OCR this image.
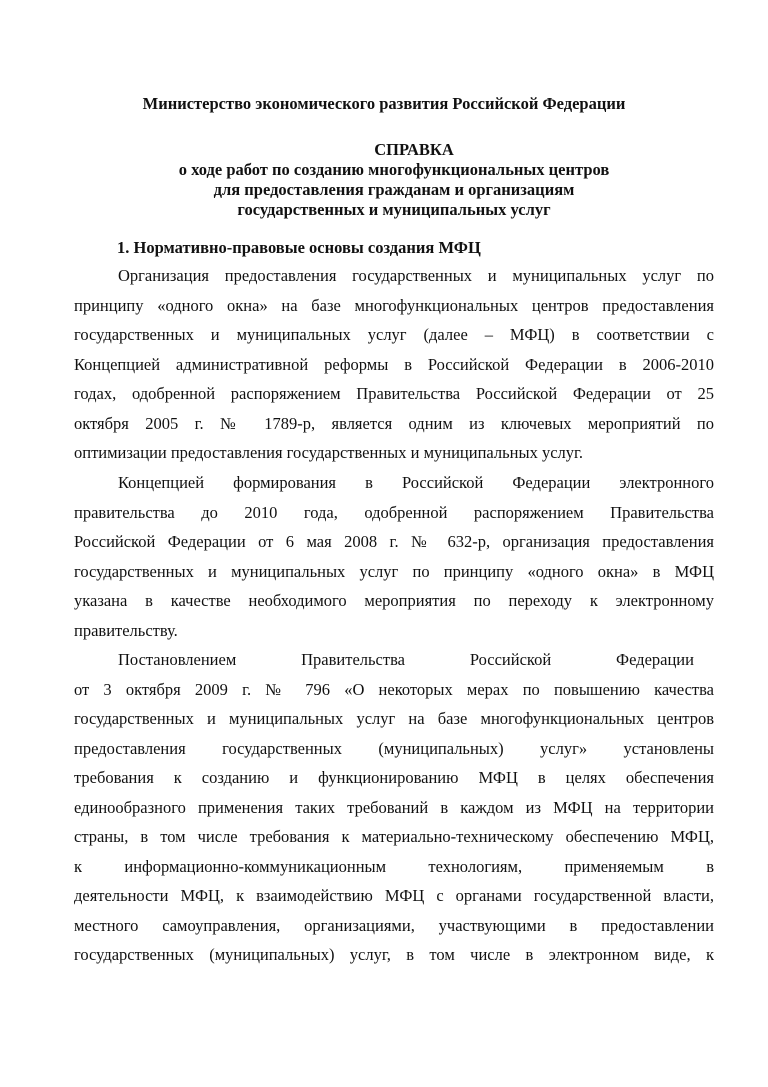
Министерство экономического развития Российской Федерации
СПРАВКА
о ходе работ по созданию многофункциональных центров
для предоставления гражданам и организациям
государственных и муниципальных услуг
1. Нормативно-правовые основы создания МФЦ
Организация предоставления государственных и муниципальных услуг по
принципу «одного окна» на базе многофункциональных центров предоставления
государственных и муниципальных услуг (далее – МФЦ) в соответствии с
Концепцией административной реформы в Российской Федерации в 2006-2010
годах, одобренной распоряжением Правительства Российской Федерации от 25
октября 2005 г. № 1789-р, является одним из ключевых мероприятий по
оптимизации предоставления государственных и муниципальных услуг.
Концепцией формирования в Российской Федерации электронного
правительства до 2010 года, одобренной распоряжением Правительства
Российской Федерации от 6 мая 2008 г. № 632-р, организация предоставления
государственных и муниципальных услуг по принципу «одного окна» в МФЦ
указана в качестве необходимого мероприятия по переходу к электронному
правительству.
Постановлением	Правительства	Российской	Федерации
от 3 октября 2009 г. № 796 «О некоторых мерах по повышению качества
государственных и муниципальных услуг на базе многофункциональных центров
предоставления государственных (муниципальных) услуг» установлены
требования к созданию и функционированию МФЦ в целях обеспечения
единообразного применения таких требований в каждом из МФЦ на территории
страны, в том числе требования к материально-техническому обеспечению МФЦ,
к информационно-коммуникационным технологиям, применяемым в
деятельности МФЦ, к взаимодействию МФЦ с органами государственной власти,
местного самоуправления, организациями, участвующими в предоставлении
государственных (муниципальных) услуг, в том числе в электронном виде, к
